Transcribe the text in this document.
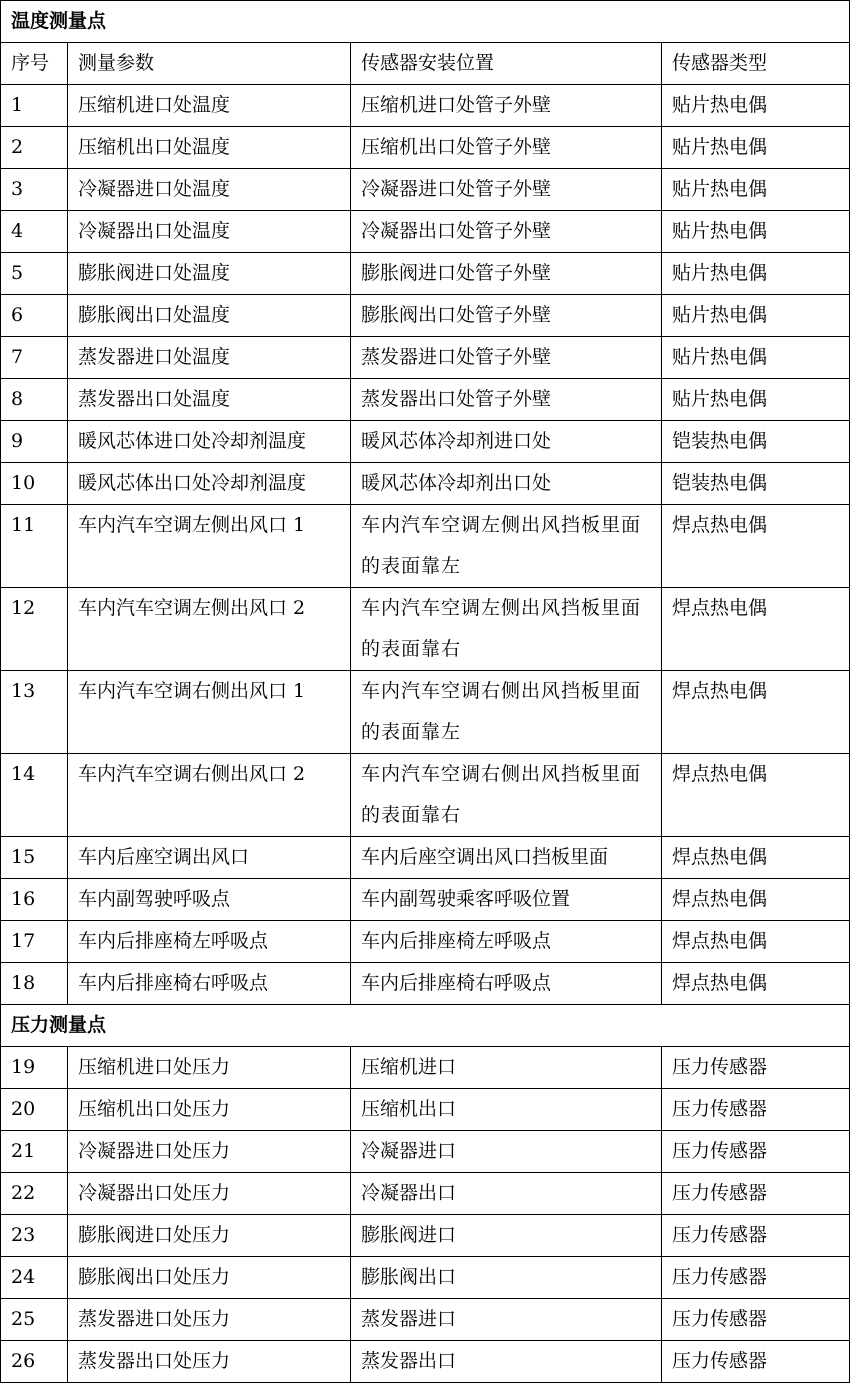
温度测量点			
序号	测量参数	传感器安装位置	传感器类型
1	压缩机进口处温度	压缩机进口处管子外壁	贴片热电偶
2	压缩机出口处温度	压缩机出口处管子外壁	贴片热电偶
3	冷凝器进口处温度	冷凝器进口处管子外壁	贴片热电偶
4	冷凝器出口处温度	冷凝器出口处管子外壁	贴片热电偶
5	膨胀阀进口处温度	膨胀阀进口处管子外壁	贴片热电偶
6	膨胀阀出口处温度	膨胀阀出口处管子外壁	贴片热电偶
7	蒸发器进口处温度	蒸发器进口处管子外壁	贴片热电偶
8	蒸发器出口处温度	蒸发器出口处管子外壁	贴片热电偶
9	暖风芯体进口处冷却剂温度	暖风芯体冷却剂进口处	铠装热电偶
10	暖风芯体出口处冷却剂温度	暖风芯体冷却剂出口处	铠装热电偶
11	车内汽车空调左侧出风口 1	车内汽车空调左侧出风挡板里面的表面靠左	焊点热电偶
12	车内汽车空调左侧出风口 2	车内汽车空调左侧出风挡板里面的表面靠右	焊点热电偶
13	车内汽车空调右侧出风口 1	车内汽车空调右侧出风挡板里面的表面靠左	焊点热电偶
14	车内汽车空调右侧出风口 2	车内汽车空调右侧出风挡板里面的表面靠右	焊点热电偶
15	车内后座空调出风口	车内后座空调出风口挡板里面	焊点热电偶
16	车内副驾驶呼吸点	车内副驾驶乘客呼吸位置	焊点热电偶
17	车内后排座椅左呼吸点	车内后排座椅左呼吸点	焊点热电偶
18	车内后排座椅右呼吸点	车内后排座椅右呼吸点	焊点热电偶
压力测量点			
19	压缩机进口处压力	压缩机进口	压力传感器
20	压缩机出口处压力	压缩机出口	压力传感器
21	冷凝器进口处压力	冷凝器进口	压力传感器
22	冷凝器出口处压力	冷凝器出口	压力传感器
23	膨胀阀进口处压力	膨胀阀进口	压力传感器
24	膨胀阀出口处压力	膨胀阀出口	压力传感器
25	蒸发器进口处压力	蒸发器进口	压力传感器
26	蒸发器出口处压力	蒸发器出口	压力传感器
